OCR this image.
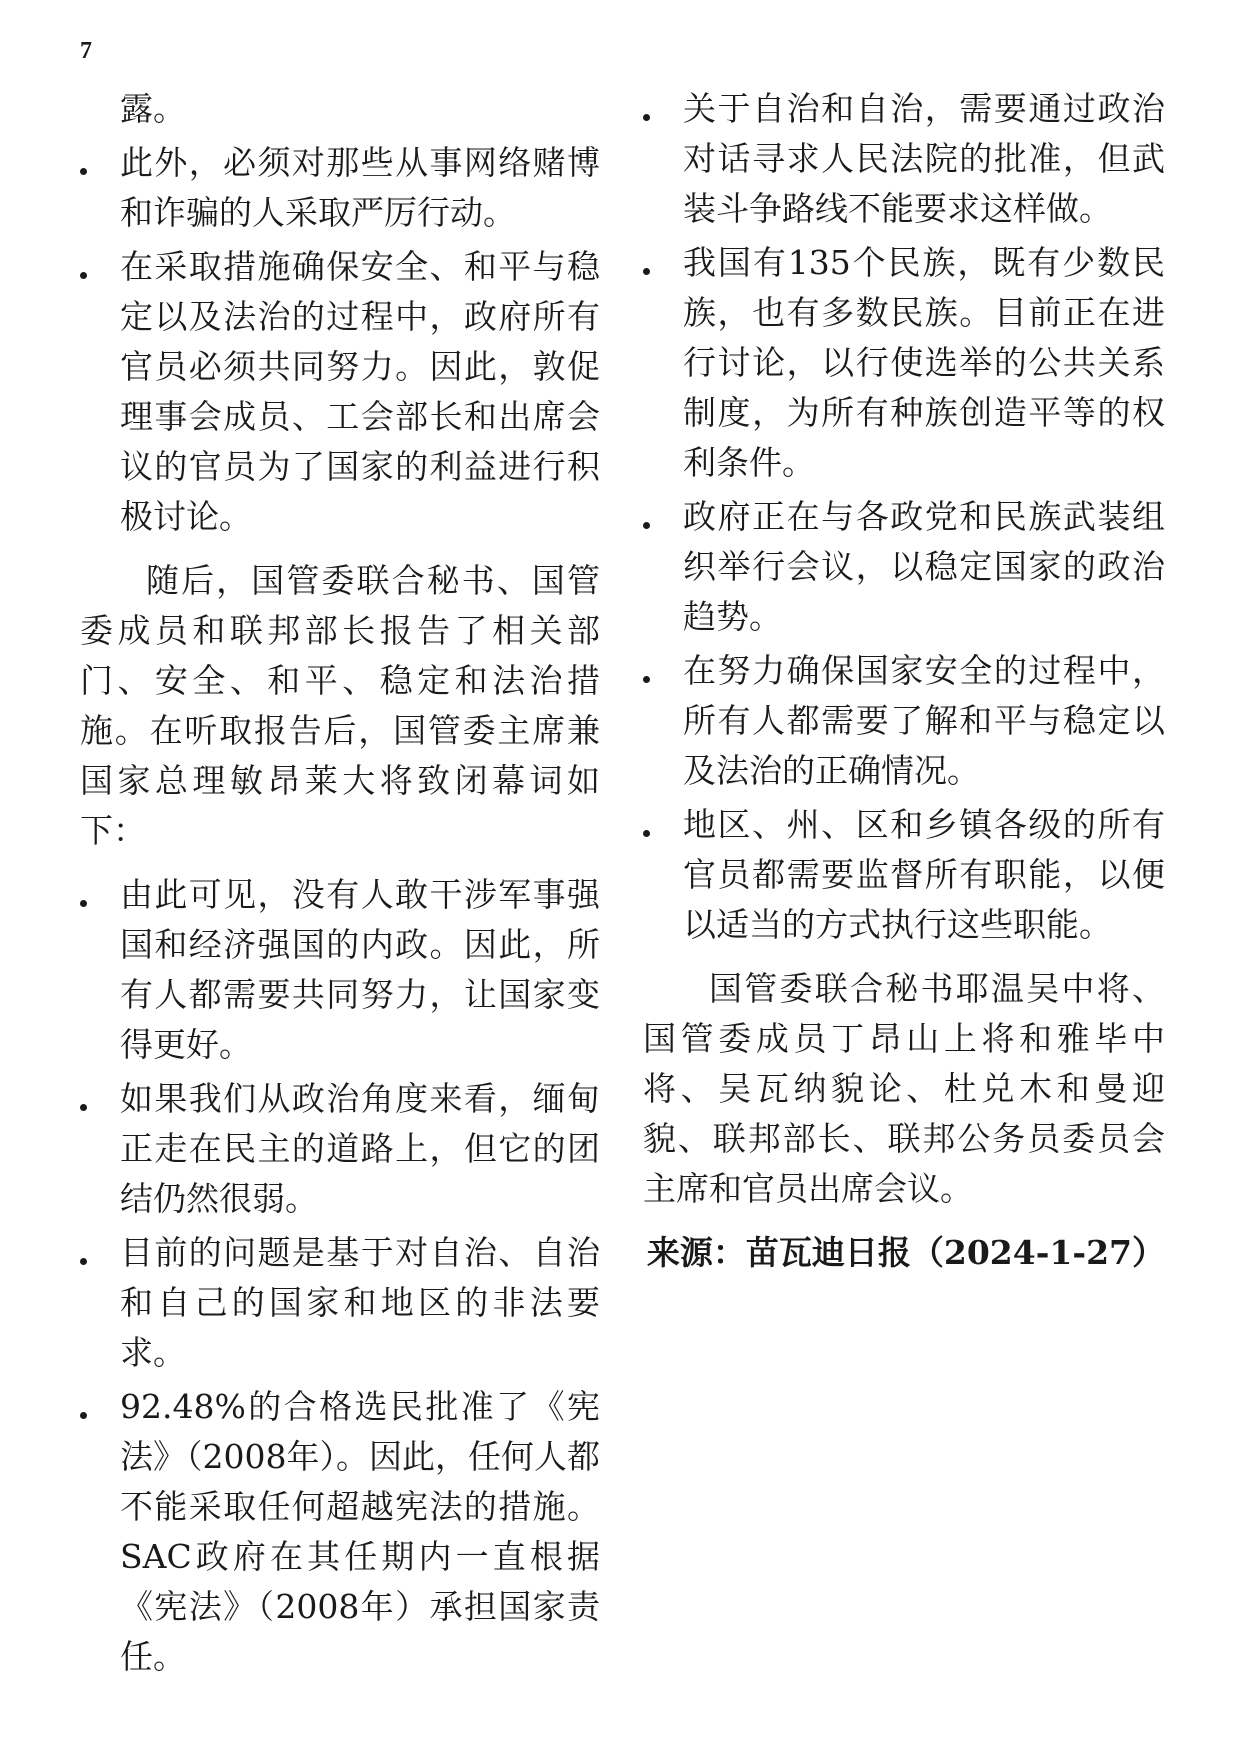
7
露。
此外，必须对那些从事网络赌博和诈骗的人采取严厉行动。
在采取措施确保安全、和平与稳定以及法治的过程中，政府所有官员必须共同努力。因此，敦促理事会成员、工会部长和出席会议的官员为了国家的利益进行积极讨论。

随后，国管委联合秘书、国管委成员和联邦部长报告了相关部门、安全、和平、稳定和法治措施。在听取报告后，国管委主席兼国家总理敏昂莱大将致闭幕词如下：

由此可见，没有人敢干涉军事强国和经济强国的内政。因此，所有人都需要共同努力，让国家变得更好。
如果我们从政治角度来看，缅甸正走在民主的道路上，但它的团结仍然很弱。
目前的问题是基于对自治、自治和自己的国家和地区的非法要求。
92.48%的合格选民批准了《宪法》（2008年）。因此，任何人都不能采取任何超越宪法的措施。SAC政府在其任期内一直根据《宪法》（2008年）承担国家责任。
关于自治和自治，需要通过政治对话寻求人民法院的批准，但武装斗争路线不能要求这样做。
我国有135个民族，既有少数民族，也有多数民族。目前正在进行讨论，以行使选举的公共关系制度，为所有种族创造平等的权利条件。
政府正在与各政党和民族武装组织举行会议，以稳定国家的政治趋势。
在努力确保国家安全的过程中，所有人都需要了解和平与稳定以及法治的正确情况。
地区、州、区和乡镇各级的所有官员都需要监督所有职能，以便以适当的方式执行这些职能。

国管委联合秘书耶温吴中将、国管委成员丁昂山上将和雅毕中将、吴瓦纳貌论、杜兑木和曼迎貌、联邦部长、联邦公务员委员会主席和官员出席会议。

来源：苗瓦迪日报（2024-1-27）
